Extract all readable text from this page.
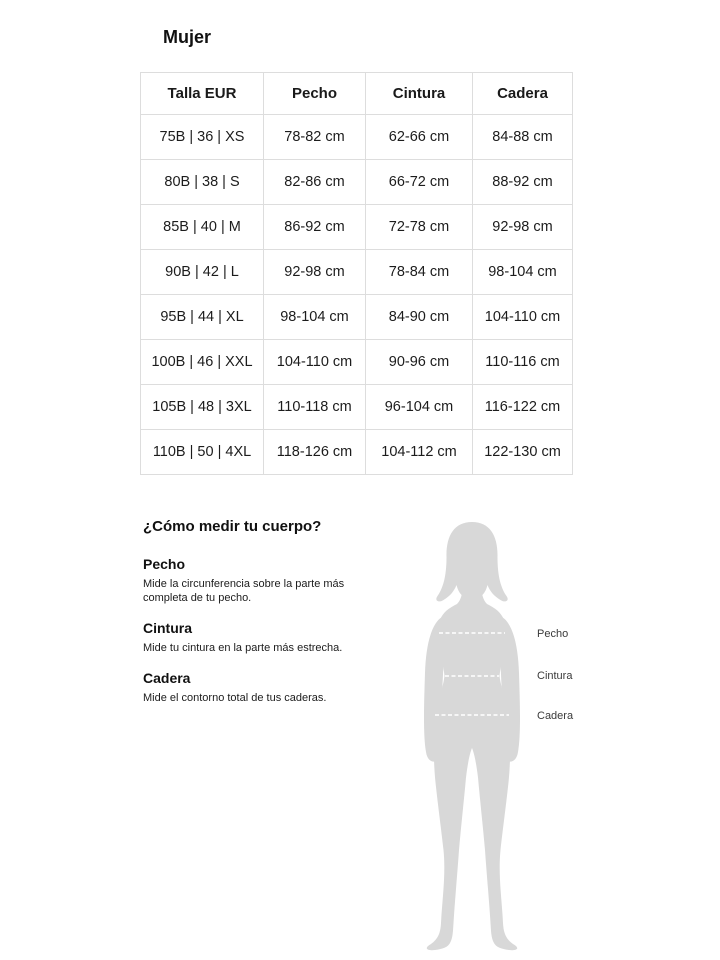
Mujer
Talla EUR	Pecho	Cintura	Cadera
75B | 36 | XS	78-82 cm	62-66 cm	84-88 cm
80B | 38 | S	82-86 cm	66-72 cm	88-92 cm
85B | 40 | M	86-92 cm	72-78 cm	92-98 cm
90B | 42 | L	92-98 cm	78-84 cm	98-104 cm
95B | 44 | XL	98-104 cm	84-90 cm	104-110 cm
100B | 46 | XXL	104-110 cm	90-96 cm	110-116 cm
105B | 48 | 3XL	110-118 cm	96-104 cm	116-122 cm
110B | 50 | 4XL	118-126 cm	104-112 cm	122-130 cm
¿Cómo medir tu cuerpo?
Pecho

Mide la circunferencia sobre la parte más completa de tu pecho.

Cintura

Mide tu cintura en la parte más estrecha.

Cadera

Mide el contorno total de tus caderas.

Pecho
Cintura
Cadera
